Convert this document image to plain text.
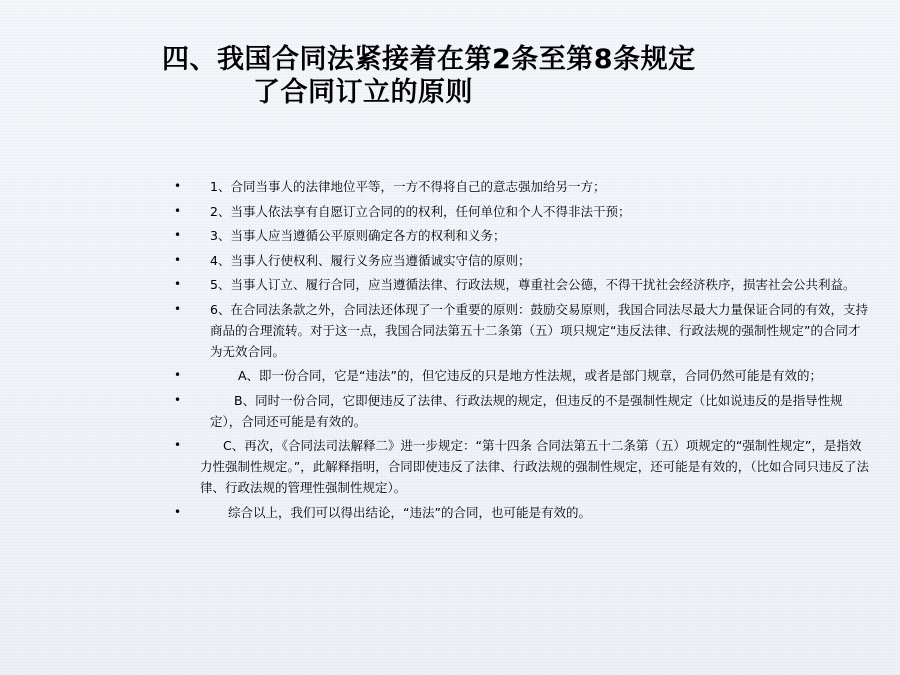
四、我国合同法紧接着在第2条至第8条规定
了合同订立的原则
• 1、合同当事人的法律地位平等，一方不得将自己的意志强加给另一方；
• 2、当事人依法享有自愿订立合同的的权利，任何单位和个人不得非法干预；
• 3、当事人应当遵循公平原则确定各方的权利和义务；
• 4、当事人行使权利、履行义务应当遵循诚实守信的原则；
• 5、当事人订立、履行合同，应当遵循法律、行政法规，尊重社会公德，不得干扰社会经济秩序，损害社会公共利益。
• 6、在合同法条款之外，合同法还体现了一个重要的原则：鼓励交易原则，我国合同法尽最大力量保证合同的有效，支持商品的合理流转。对于这一点，我国合同法第五十二条第（五）项只规定“违反法律、行政法规的强制性规定”的合同才为无效合同。
•	A、即一份合同，它是“违法”的，但它违反的只是地方性法规，或者是部门规章，合同仍然可能是有效的；
•	B、同时一份合同，它即便违反了法律、行政法规的规定，但违反的不是强制性规定（比如说违反的是指导性规定），合同还可能是有效的。
•	C、再次，《合同法司法解释二》进一步规定：“第十四条 合同法第五十二条第（五）项规定的“强制性规定”，是指效力性强制性规定。”，此解释指明，合同即使违反了法律、行政法规的强制性规定，还可能是有效的，（比如合同只违反了法律、行政法规的管理性强制性规定）。
•	综合以上，我们可以得出结论，“违法”的合同，也可能是有效的。
